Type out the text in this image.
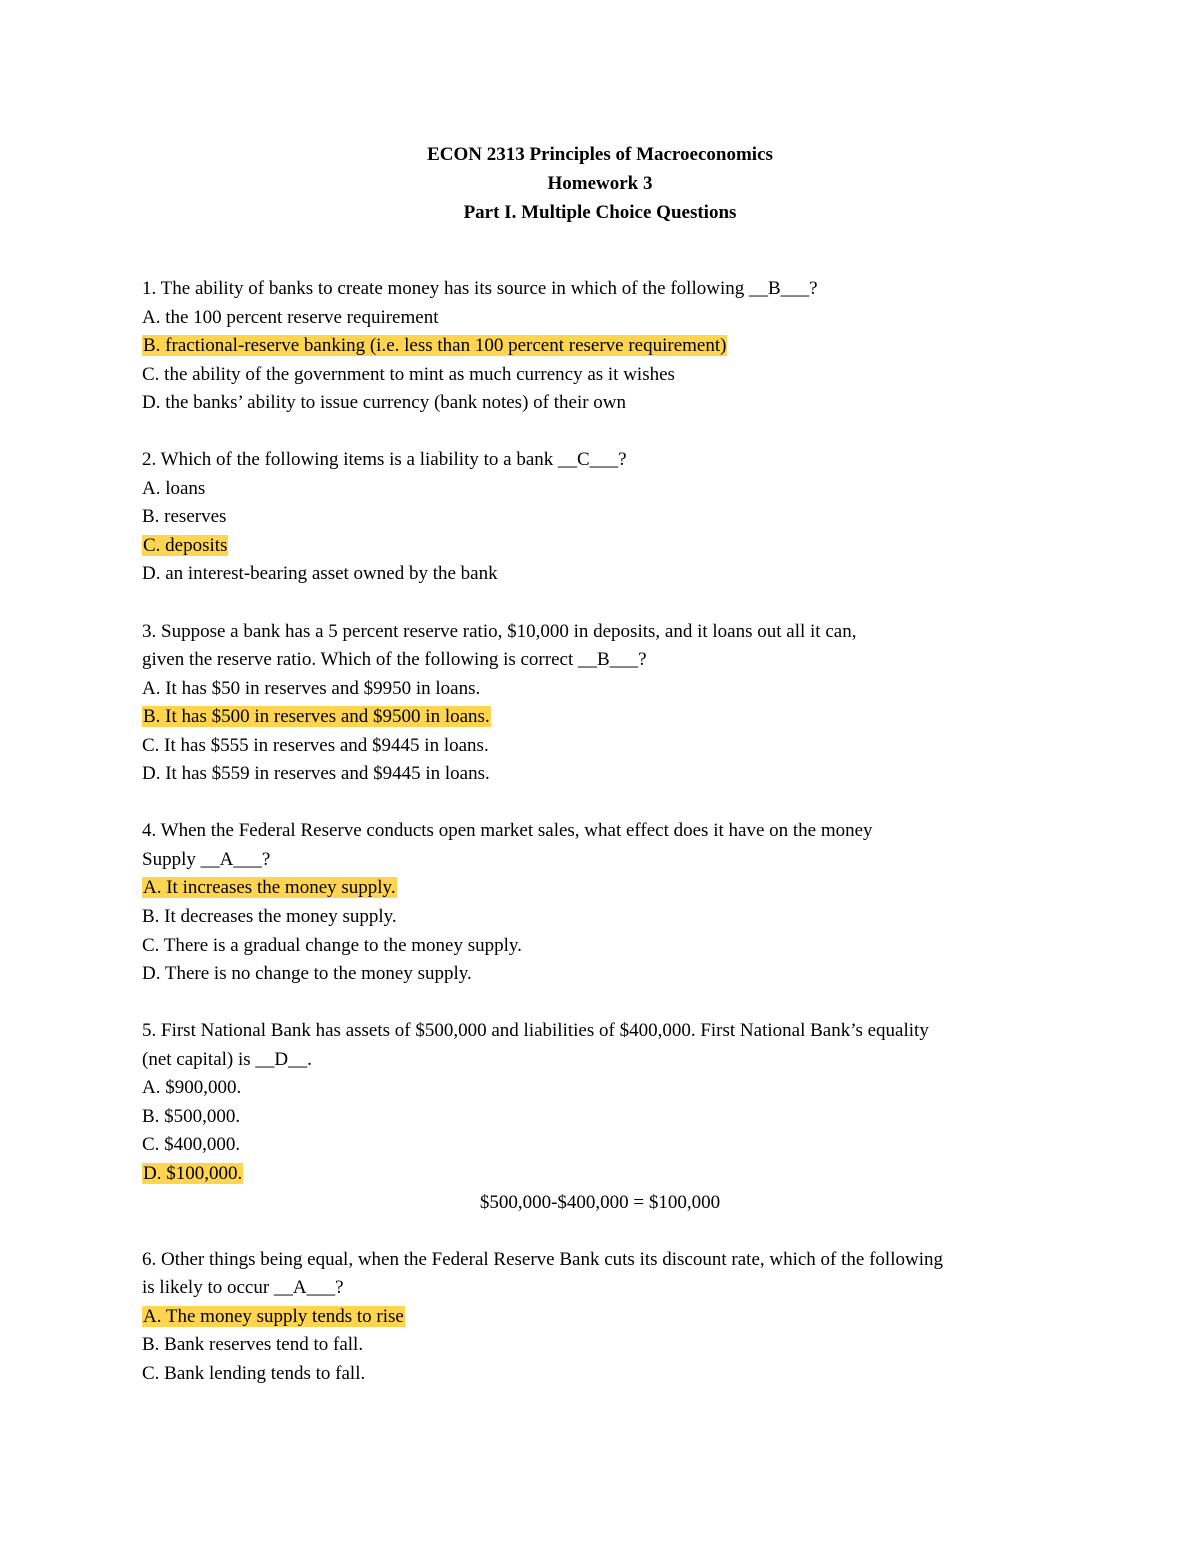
ECON 2313 Principles of Macroeconomics
Homework 3
Part I. Multiple Choice Questions
1. The ability of banks to create money has its source in which of the following __B___?
A. the 100 percent reserve requirement
B. fractional-reserve banking (i.e. less than 100 percent reserve requirement)
C. the ability of the government to mint as much currency as it wishes
D. the banks’ ability to issue currency (bank notes) of their own
2. Which of the following items is a liability to a bank __C___?
A. loans
B. reserves
C. deposits
D. an interest-bearing asset owned by the bank
3. Suppose a bank has a 5 percent reserve ratio, $10,000 in deposits, and it loans out all it can,
given the reserve ratio. Which of the following is correct __B___?
A. It has $50 in reserves and $9950 in loans.
B. It has $500 in reserves and $9500 in loans.
C. It has $555 in reserves and $9445 in loans.
D. It has $559 in reserves and $9445 in loans.
4. When the Federal Reserve conducts open market sales, what effect does it have on the money
Supply __A___?
A. It increases the money supply.
B. It decreases the money supply.
C. There is a gradual change to the money supply.
D. There is no change to the money supply.
5. First National Bank has assets of $500,000 and liabilities of $400,000. First National Bank’s equality
(net capital) is __D__.
A. $900,000.
B. $500,000.
C. $400,000.
D. $100,000.
$500,000-$400,000 = $100,000
6. Other things being equal, when the Federal Reserve Bank cuts its discount rate, which of the following
is likely to occur __A___?
A. The money supply tends to rise
B. Bank reserves tend to fall.
C. Bank lending tends to fall.
